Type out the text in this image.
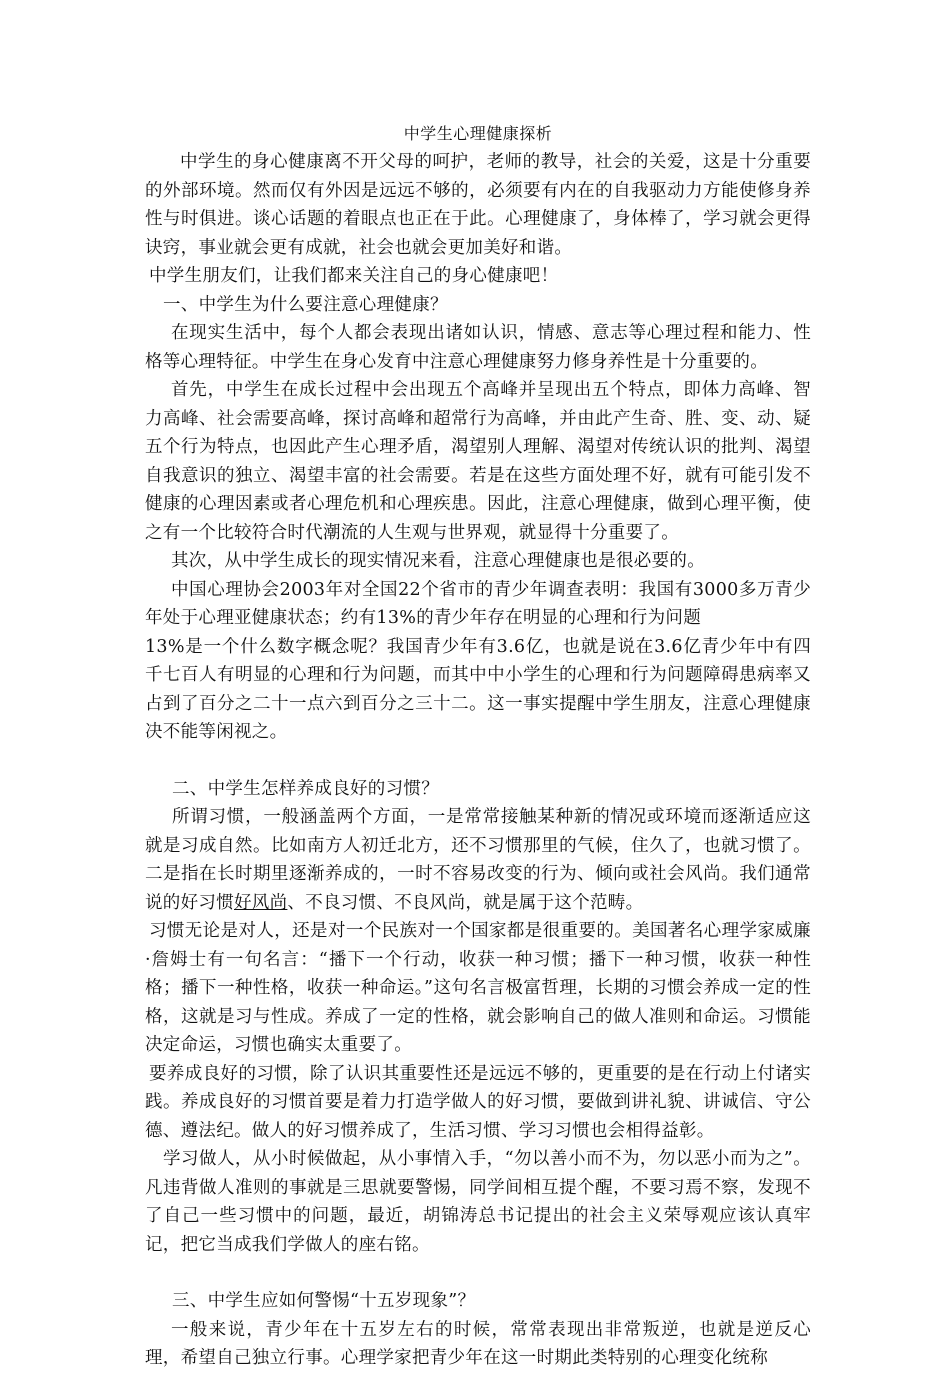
中学生心理健康探析

中学生的身心健康离不开父母的呵护，老师的教导，社会的关爱，这是十分重要的外部环境。然而仅有外因是远远不够的，必须要有内在的自我驱动力方能使修身养性与时俱进。谈心话题的着眼点也正在于此。心理健康了，身体棒了，学习就会更得诀窍，事业就会更有成就，社会也就会更加美好和谐。

中学生朋友们，让我们都来关注自己的身心健康吧！

一、中学生为什么要注意心理健康？

在现实生活中，每个人都会表现出诸如认识，情感、意志等心理过程和能力、性格等心理特征。中学生在身心发育中注意心理健康努力修身养性是十分重要的。

首先，中学生在成长过程中会出现五个高峰并呈现出五个特点，即体力高峰、智力高峰、社会需要高峰，探讨高峰和超常行为高峰，并由此产生奇、胜、变、动、疑五个行为特点，也因此产生心理矛盾，渴望别人理解、渴望对传统认识的批判、渴望自我意识的独立、渴望丰富的社会需要。若是在这些方面处理不好，就有可能引发不健康的心理因素或者心理危机和心理疾患。因此，注意心理健康，做到心理平衡，使之有一个比较符合时代潮流的人生观与世界观，就显得十分重要了。

其次，从中学生成长的现实情况来看，注意心理健康也是很必要的。

中国心理协会2003年对全国22个省市的青少年调查表明：我国有3000多万青少年处于心理亚健康状态；约有13%的青少年存在明显的心理和行为问题

13%是一个什么数字概念呢？我国青少年有3.6亿，也就是说在3.6亿青少年中有四千七百人有明显的心理和行为问题，而其中中小学生的心理和行为问题障碍患病率又占到了百分之二十一点六到百分之三十二。这一事实提醒中学生朋友，注意心理健康决不能等闲视之。

二、中学生怎样养成良好的习惯？

所谓习惯，一般涵盖两个方面，一是常常接触某种新的情况或环境而逐渐适应这就是习成自然。比如南方人初迁北方，还不习惯那里的气候，住久了，也就习惯了。二是指在长时期里逐渐养成的，一时不容易改变的行为、倾向或社会风尚。我们通常说的好习惯好风尚、不良习惯、不良风尚，就是属于这个范畴。

习惯无论是对人，还是对一个民族对一个国家都是很重要的。美国著名心理学家威廉·詹姆士有一句名言：“播下一个行动，收获一种习惯；播下一种习惯，收获一种性格；播下一种性格，收获一种命运。”这句名言极富哲理，长期的习惯会养成一定的性格，这就是习与性成。养成了一定的性格，就会影响自己的做人准则和命运。习惯能决定命运，习惯也确实太重要了。

要养成良好的习惯，除了认识其重要性还是远远不够的，更重要的是在行动上付诸实践。养成良好的习惯首要是着力打造学做人的好习惯，要做到讲礼貌、讲诚信、守公德、遵法纪。做人的好习惯养成了，生活习惯、学习习惯也会相得益彰。

学习做人，从小时候做起，从小事情入手，“勿以善小而不为，勿以恶小而为之”。凡违背做人准则的事就是三思就要警惕，同学间相互提个醒，不要习焉不察，发现不了自己一些习惯中的问题，最近，胡锦涛总书记提出的社会主义荣辱观应该认真牢记，把它当成我们学做人的座右铭。

三、中学生应如何警惕“十五岁现象”？

一般来说，青少年在十五岁左右的时候，常常表现出非常叛逆，也就是逆反心理，希望自己独立行事。心理学家把青少年在这一时期此类特别的心理变化统称
